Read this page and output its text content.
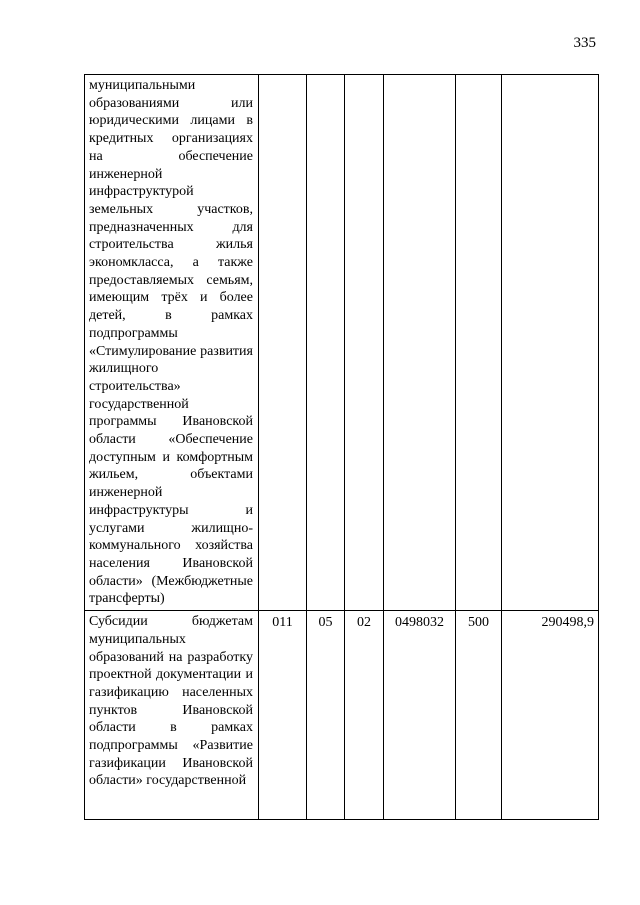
335
муниципальными образованиями или юридическими лицами в кредитных организациях на обеспечение инженерной инфраструктурой земельных участков, предназначенных для строительства жилья экономкласса, а также предоставляемых семьям, имеющим трёх и более детей, в рамках подпрограммы «Стимулирование развития жилищного строительства» государственной программы Ивановской области «Обеспечение доступным и комфортным жильем, объектами инженерной инфраструктуры и услугами жилищно-коммунального хозяйства населения Ивановской области» (Межбюджетные трансферты)						

Субсидии бюджетам муниципальных образований на разработку проектной документации и газификацию населенных пунктов Ивановской области в рамках подпрограммы «Развитие газификации Ивановской области» государственной	011	05	02	0498032	500	290498,9
